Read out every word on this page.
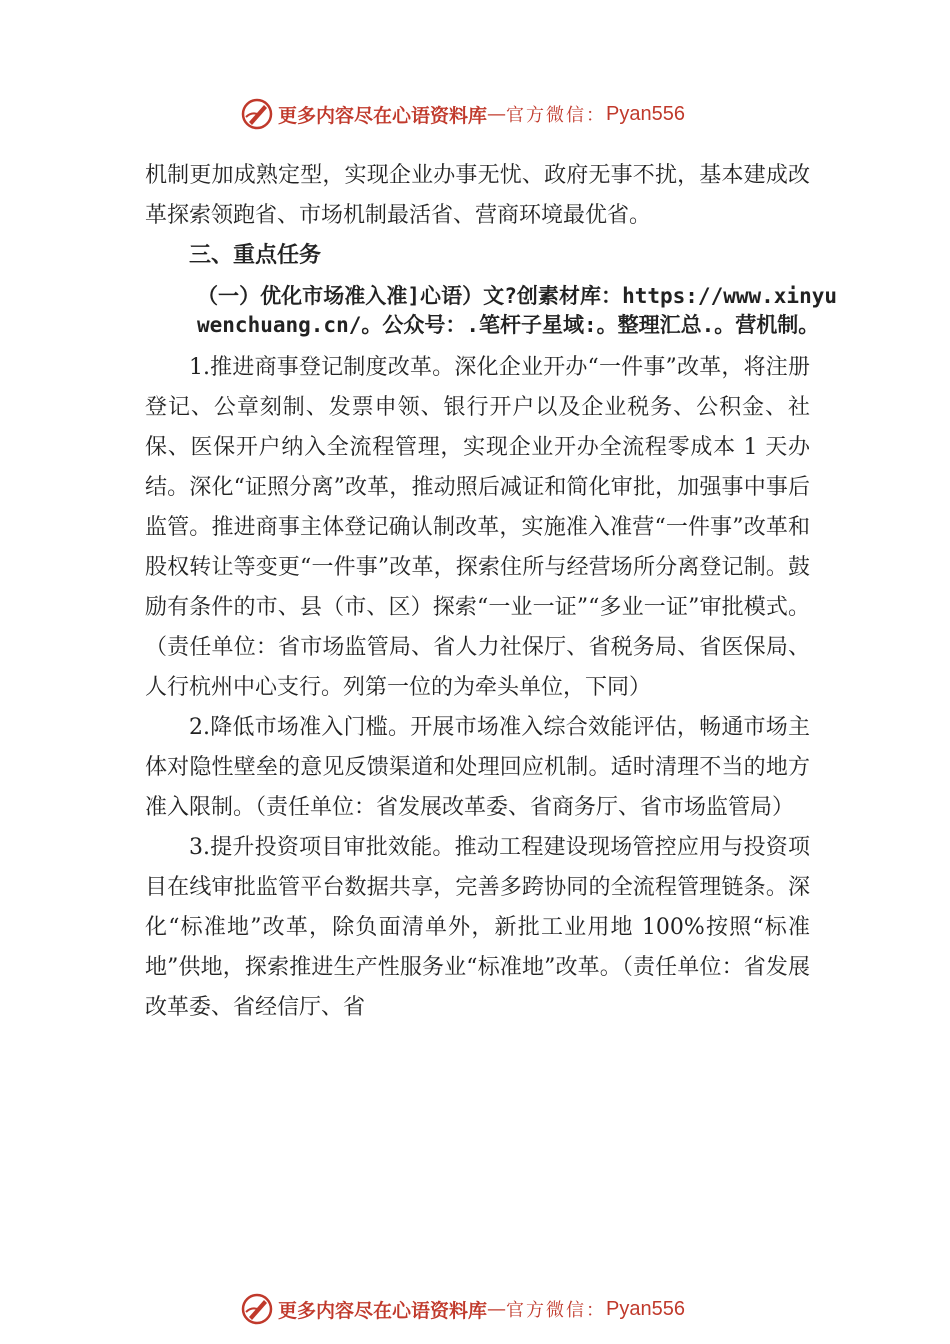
更多内容尽在心语资料库 — 官方微信： Pyan556

机制更加成熟定型，实现企业办事无忧、政府无事不扰，基本建成改革探索领跑省、市场机制最活省、营商环境最优省。

三、重点任务

（一）优化市场准入准]心语）文?创素材库：https://www.xinyuwenchuang.cn/。公众号：.笔杆子星域:。整理汇总.。营机制。

1.推进商事登记制度改革。深化企业开办“一件事”改革，将注册登记、公章刻制、发票申领、银行开户以及企业税务、公积金、社保、医保开户纳入全流程管理，实现企业开办全流程零成本 1 天办结。深化“证照分离”改革，推动照后减证和简化审批，加强事中事后监管。推进商事主体登记确认制改革，实施准入准营“一件事”改革和股权转让等变更“一件事”改革，探索住所与经营场所分离登记制。鼓励有条件的市、县（市、区）探索“一业一证”“多业一证”审批模式。（责任单位：省市场监管局、省人力社保厅、省税务局、省医保局、人行杭州中心支行。列第一位的为牵头单位，下同）

2.降低市场准入门槛。开展市场准入综合效能评估，畅通市场主体对隐性壁垒的意见反馈渠道和处理回应机制。适时清理不当的地方准入限制。（责任单位：省发展改革委、省商务厅、省市场监管局）

3.提升投资项目审批效能。推动工程建设现场管控应用与投资项目在线审批监管平台数据共享，完善多跨协同的全流程管理链条。深化“标准地”改革，除负面清单外，新批工业用地 100%按照“标准地”供地，探索推进生产性服务业“标准地”改革。（责任单位：省发展改革委、省经信厅、省

更多内容尽在心语资料库 — 官方微信： Pyan556
